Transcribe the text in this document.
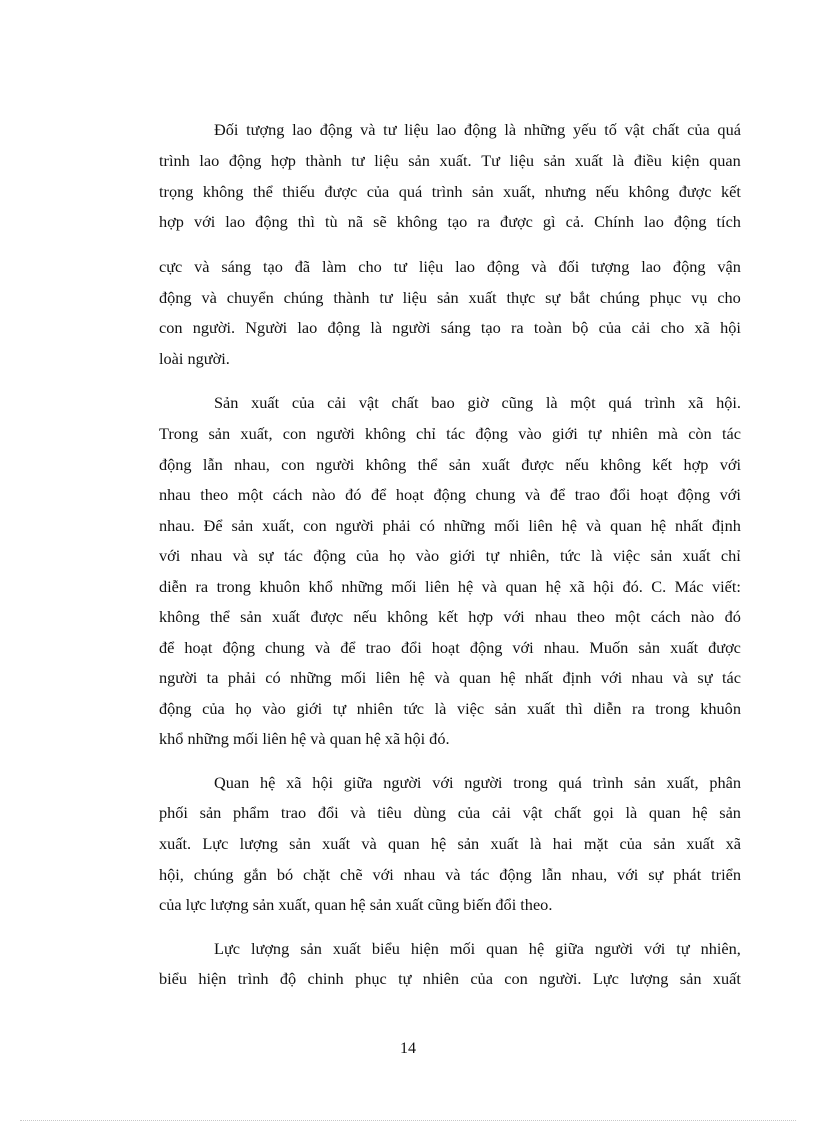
Đối tượng lao động và tư liệu lao động là những yếu tố vật chất của quá
trình lao động hợp thành tư liệu sản xuất. Tư liệu sản xuất là điều kiện quan
trọng không thể thiếu được của quá trình sản xuất, nhưng nếu không được kết
hợp với lao động thì tù nã sẽ không tạo ra được gì cả. Chính lao động tích
cực và sáng tạo đã làm cho tư liệu lao động và đối tượng lao động vận
động và chuyển chúng thành tư liệu sản xuất thực sự bắt chúng phục vụ cho
con người. Người lao động là người sáng tạo ra toàn bộ của cải cho xã hội
loài người.
Sản xuất của cải vật chất bao giờ cũng là một quá trình xã hội.
Trong sản xuất, con người không chỉ tác động vào giới tự nhiên mà còn tác
động lẫn nhau, con người không thể sản xuất được nếu không kết hợp với
nhau theo một cách nào đó để hoạt động chung và để trao đổi hoạt động với
nhau. Để sản xuất, con người phải có những mối liên hệ và quan hệ nhất định
với nhau và sự tác động của họ vào giới tự nhiên, tức là việc sản xuất chỉ
diễn ra trong khuôn khổ những mối liên hệ và quan hệ xã hội đó. C. Mác viết:
không thể sản xuất được nếu không kết hợp với nhau theo một cách nào đó
để hoạt động chung và để trao đổi hoạt động với nhau. Muốn sản xuất được
người ta phải có những mối liên hệ và quan hệ nhất định với nhau và sự tác
động của họ vào giới tự nhiên tức là việc sản xuất thì diễn ra trong khuôn
khổ những mối liên hệ và quan hệ xã hội đó.
Quan hệ xã hội giữa người với người trong quá trình sản xuất, phân
phối sản phẩm trao đổi và tiêu dùng của cải vật chất gọi là quan hệ sản
xuất. Lực lượng sản xuất và quan hệ sản xuất là hai mặt của sản xuất xã
hội, chúng gắn bó chặt chẽ với nhau và tác động lẫn nhau, với sự phát triển
của lực lượng sản xuất, quan hệ sản xuất cũng biến đổi theo.
Lực lượng sản xuất biểu hiện mối quan hệ giữa người với tự nhiên,
biểu hiện trình độ chinh phục tự nhiên của con người. Lực lượng sản xuất
14
